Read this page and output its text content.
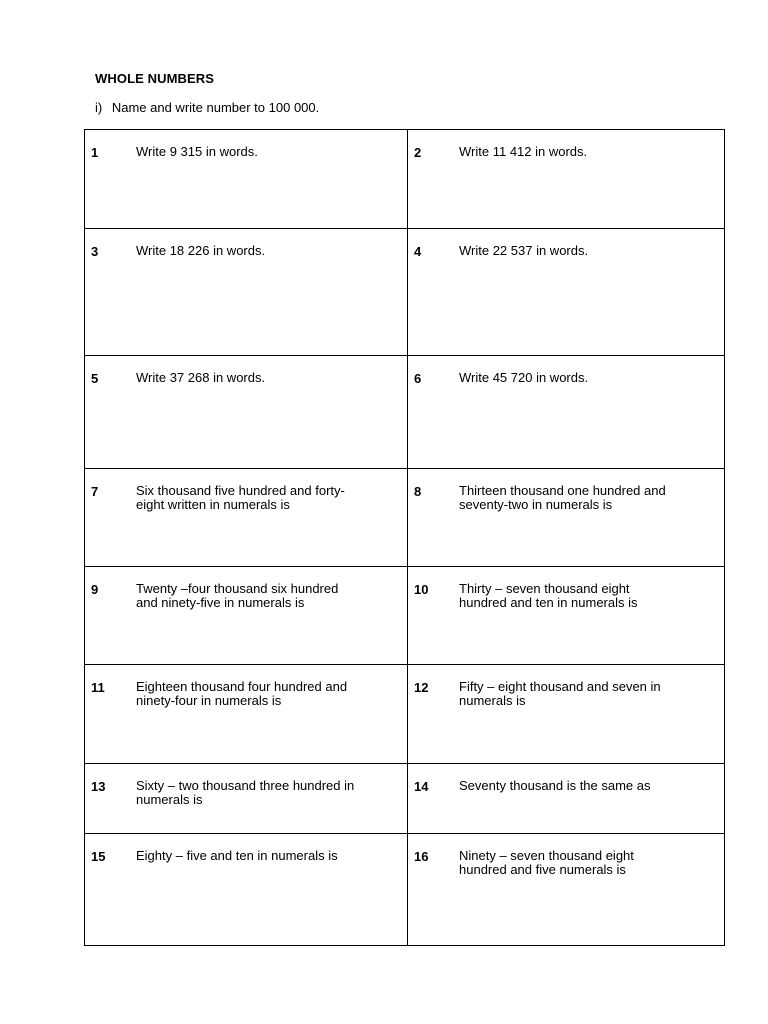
WHOLE NUMBERS
i) Name and write number to 100 000.
1 Write 9 315 in words.	2 Write 11 412 in words.

3 Write 18 226 in words.	4 Write 22 537 in words.

5 Write 37 268 in words.	6 Write 45 720 in words.

7 Six thousand five hundred and forty-
eight written in numerals is	8 Thirteen thousand one hundred and
seventy-two in numerals is

9 Twenty –four thousand six hundred
and ninety-five in numerals is	10 Thirty – seven thousand eight
hundred and ten in numerals is

11 Eighteen thousand four hundred and
ninety-four in numerals is	12 Fifty – eight thousand and seven in
numerals is

13 Sixty – two thousand three hundred in
numerals is	14 Seventy thousand is the same as

15 Eighty – five and ten in numerals is	16 Ninety – seven thousand eight
hundred and five numerals is
